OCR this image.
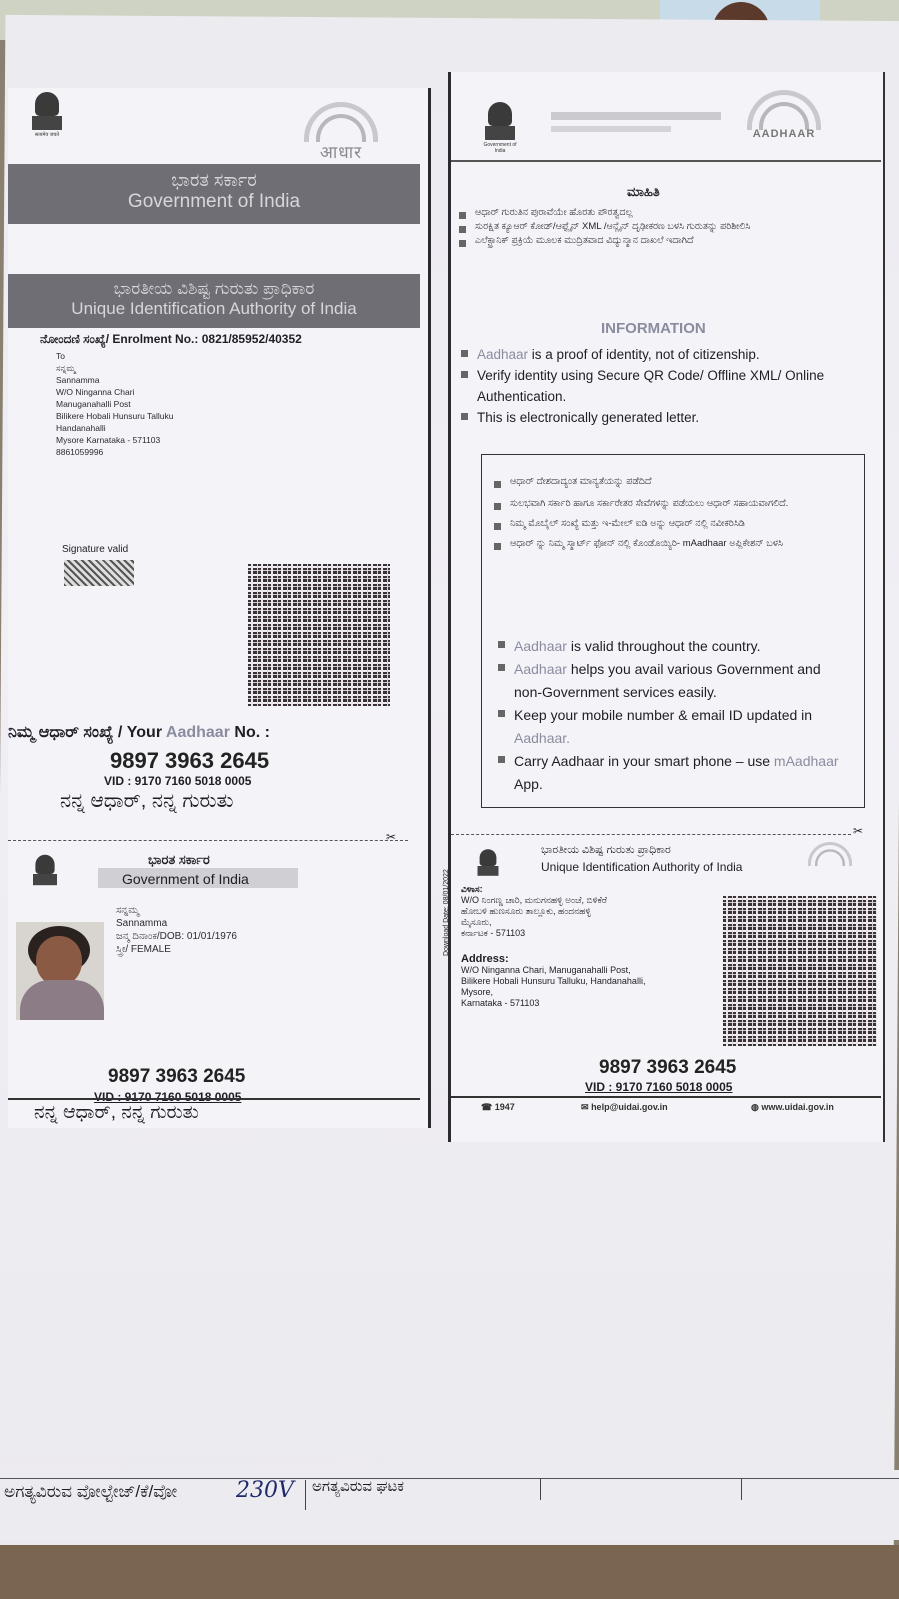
सत्यमेव जयते
आधार
ಭಾರತ ಸರ್ಕಾರ
Government of India
ಭಾರತೀಯ ವಿಶಿಷ್ಟ ಗುರುತು ಪ್ರಾಧಿಕಾರ
Unique Identification Authority of India
ನೋಂದಣಿ ಸಂಖ್ಯೆ/ Enrolment No.: 0821/85952/40352
To
ಸನ್ನಮ್ಮ
Sannamma
W/O Ninganna Chari
Manuganahalli Post
Bilikere Hobali Hunsuru Talluku
Handanahalli
Mysore Karnataka - 571103
8861059996
Signature valid
ನಿಮ್ಮ ಆಧಾರ್ ಸಂಖ್ಯೆ / Your Aadhaar No. :
9897 3963 2645
VID : 9170 7160 5018 0005
ನನ್ನ ಆಧಾರ್, ನನ್ನ ಗುರುತು
✂
ಭಾರತ ಸರ್ಕಾರ
Government of India
ಸನ್ನಮ್ಮ
Sannamma
ಜನ್ಮ ದಿನಾಂಕ/DOB: 01/01/1976
ಸ್ತ್ರೀ/ FEMALE
9897 3963 2645
VID : 9170 7160 5018 0005
ನನ್ನ ಆಧಾರ್, ನನ್ನ ಗುರುತು
Government of India
AADHAAR
ಮಾಹಿತಿ
ಆಧಾರ್ ಗುರುತಿನ ಪುರಾವೆಯೇ ಹೊರತು ಪೌರತ್ವದಲ್ಲ
ಸುರಕ್ಷಿತ ಕ್ಯೂಆರ್ ಕೋಡ್/ಆಫ್ಲೈನ್ XML /ಆನ್ಲೈನ್ ದೃಢೀಕರಣ ಬಳಸಿ ಗುರುತನ್ನು ಪರಿಶೀಲಿಸಿ
ಎಲೆಕ್ಟ್ರಾನಿಕ್ ಪ್ರಕ್ರಿಯೆ ಮೂಲಕ ಮುದ್ರಿತವಾದ ವಿದ್ಯುನ್ಮಾನ ದಾಖಲೆ ಇದಾಗಿದೆ
INFORMATION
Aadhaar is a proof of identity, not of citizenship.
Verify identity using Secure QR Code/ Offline XML/ Online Authentication.
This is electronically generated letter.
ಆಧಾರ್ ದೇಶದಾದ್ಯಂತ ಮಾನ್ಯತೆಯನ್ನು ಪಡೆದಿದೆ
ಸುಲಭವಾಗಿ ಸರ್ಕಾರಿ ಹಾಗೂ ಸರ್ಕಾರೇತರ ಸೇವೆಗಳನ್ನು ಪಡೆಯಲು ಆಧಾರ್ ಸಹಾಯವಾಗಲಿದೆ.
ನಿಮ್ಮ ಮೊಬೈಲ್ ಸಂಖ್ಯೆ ಮತ್ತು ಇ-ಮೇಲ್ ಐಡಿ ಅನ್ನು ಆಧಾರ್ ನಲ್ಲಿ ನವೀಕರಿಸಿಡಿ
ಆಧಾರ್ ನ್ನು ನಿಮ್ಮ ಸ್ಮಾರ್ಟ್ ಫೋನ್ ನಲ್ಲಿ ಕೊಂಡೊಯ್ಯಿರಿ- mAadhaar ಅಪ್ಲಿಕೇಶನ್ ಬಳಸಿ
Aadhaar is valid throughout the country.
Aadhaar helps you avail various Government and non-Government services easily.
Keep your mobile number & email ID updated in Aadhaar.
Carry Aadhaar in your smart phone – use mAadhaar App.
✂
ಭಾರತೀಯ ವಿಶಿಷ್ಟ ಗುರುತು ಪ್ರಾಧಿಕಾರ
Unique Identification Authority of India
Download Date: 08/01/2022 ವಿಳಾಸ:
W/O ನಿಂಗಣ್ಣ ಚಾರಿ, ಮನುಗನಹಳ್ಳಿ ಅಂಚೆ, ಬಿಳಿಕೆರೆ
ಹೋಬಳಿ ಹುಣಸೂರು ತಾಲ್ಲೂಕು, ಹಂದನಹಳ್ಳಿ
ಮೈಸೂರು,
ಕರ್ನಾಟಕ - 571103
Address:
W/O Ninganna Chari, Manuganahalli Post,
Bilikere Hobali Hunsuru Talluku, Handanahalli,
Mysore,
Karnataka - 571103
9897 3963 2645
VID : 9170 7160 5018 0005
☎ 1947	✉ help@uidai.gov.in	◍ www.uidai.gov.in
ಅಗತ್ಯವಿರುವ ವೋಲ್ಟೇಜ್/ಕೆ/ವೋ	230V ಅಗತ್ಯವಿರುವ ಘಟಕ
